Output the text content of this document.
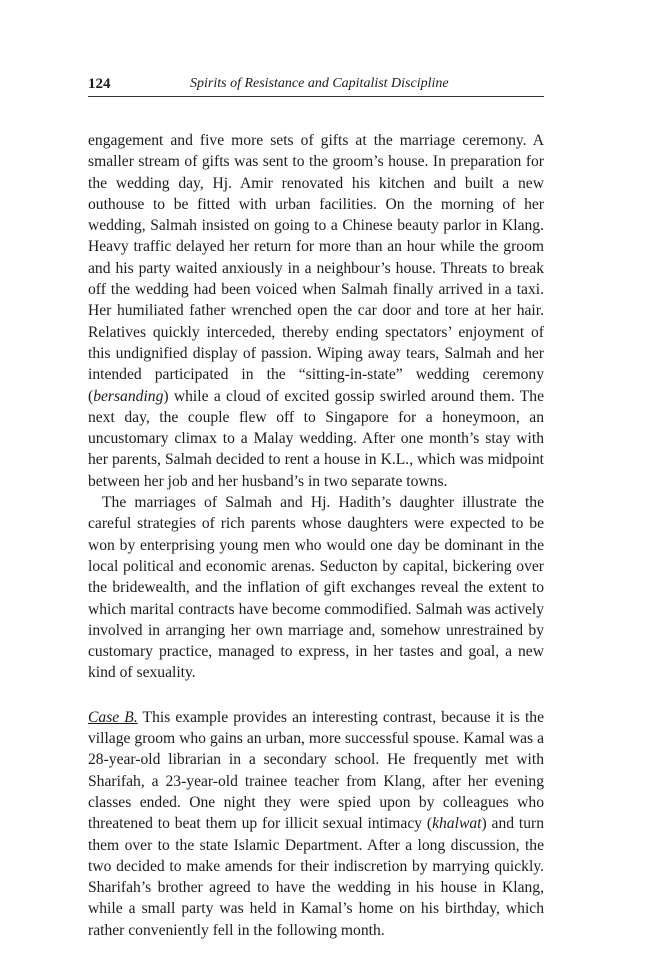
124	Spirits of Resistance and Capitalist Discipline

engagement and five more sets of gifts at the marriage ceremony. A smaller stream of gifts was sent to the groom’s house. In preparation for the wedding day, Hj. Amir renovated his kitchen and built a new outhouse to be fitted with urban facilities. On the morning of her wedding, Salmah insisted on going to a Chinese beauty parlor in Klang. Heavy traffic delayed her return for more than an hour while the groom and his party waited anxiously in a neighbour’s house. Threats to break off the wedding had been voiced when Salmah finally arrived in a taxi. Her humiliated father wrenched open the car door and tore at her hair. Relatives quickly interceded, thereby ending spectators’ enjoyment of this undignified display of passion. Wiping away tears, Salmah and her intended participated in the “sitting-in-state” wedding ceremony (bersanding) while a cloud of excited gossip swirled around them. The next day, the couple flew off to Singapore for a honeymoon, an uncustomary climax to a Malay wedding. After one month’s stay with her parents, Salmah decided to rent a house in K.L., which was midpoint between her job and her husband’s in two separate towns.

The marriages of Salmah and Hj. Hadith’s daughter illustrate the careful strategies of rich parents whose daughters were expected to be won by enterprising young men who would one day be dominant in the local political and economic arenas. Seducton by capital, bickering over the bridewealth, and the inflation of gift exchanges reveal the extent to which marital contracts have become commodified. Salmah was actively involved in arranging her own marriage and, somehow unrestrained by customary practice, managed to express, in her tastes and goal, a new kind of sexuality.

Case B. This example provides an interesting contrast, because it is the village groom who gains an urban, more successful spouse. Kamal was a 28-year-old librarian in a secondary school. He frequently met with Sharifah, a 23-year-old trainee teacher from Klang, after her evening classes ended. One night they were spied upon by colleagues who threatened to beat them up for illicit sexual intimacy (khalwat) and turn them over to the state Islamic Department. After a long discussion, the two decided to make amends for their indiscretion by marrying quickly. Sharifah’s brother agreed to have the wedding in his house in Klang, while a small party was held in Kamal’s home on his birthday, which rather conveniently fell in the following month.
